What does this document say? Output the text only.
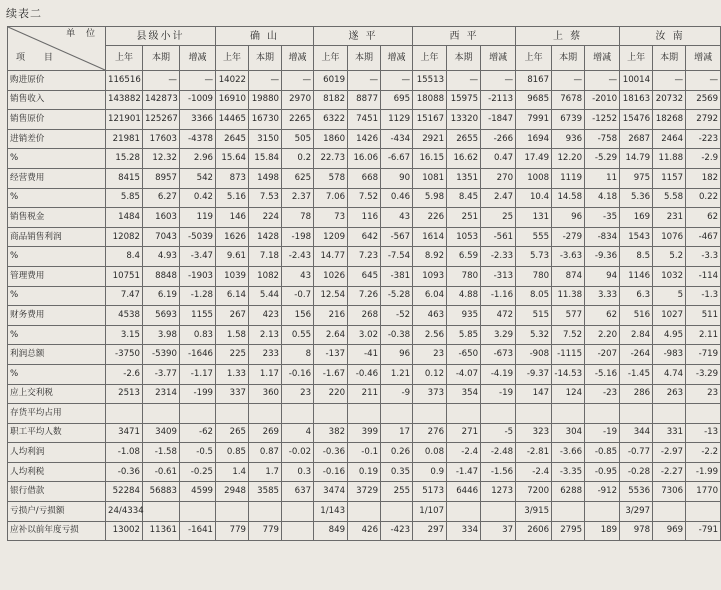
续表二
单 位
项 目	县级小计			确 山			遂 平			西 平			上 蔡			汝 南		
	上年	本期	增减	上年	本期	增减	上年	本期	增减	上年	本期	增减	上年	本期	增减	上年	本期	增减
购进原价	116516	—	—	14022	—	—	6019	—	—	15513	—	—	8167	—	—	10014	—	—
销售收入	143882	142873	-1009	16910	19880	2970	8182	8877	695	18088	15975	-2113	9685	7678	-2010	18163	20732	2569
销售原价	121901	125267	3366	14465	16730	2265	6322	7451	1129	15167	13320	-1847	7991	6739	-1252	15476	18268	2792
进销差价	21981	17603	-4378	2645	3150	505	1860	1426	-434	2921	2655	-266	1694	936	-758	2687	2464	-223
%	15.28	12.32	2.96	15.64	15.84	0.2	22.73	16.06	-6.67	16.15	16.62	0.47	17.49	12.20	-5.29	14.79	11.88	-2.9
经营费用	8415	8957	542	873	1498	625	578	668	90	1081	1351	270	1008	1119	11	975	1157	182
%	5.85	6.27	0.42	5.16	7.53	2.37	7.06	7.52	0.46	5.98	8.45	2.47	10.4	14.58	4.18	5.36	5.58	0.22
销售税金	1484	1603	119	146	224	78	73	116	43	226	251	25	131	96	-35	169	231	62
商品销售利润	12082	7043	-5039	1626	1428	-198	1209	642	-567	1614	1053	-561	555	-279	-834	1543	1076	-467
%	8.4	4.93	-3.47	9.61	7.18	-2.43	14.77	7.23	-7.54	8.92	6.59	-2.33	5.73	-3.63	-9.36	8.5	5.2	-3.3
管理费用	10751	8848	-1903	1039	1082	43	1026	645	-381	1093	780	-313	780	874	94	1146	1032	-114
%	7.47	6.19	-1.28	6.14	5.44	-0.7	12.54	7.26	-5.28	6.04	4.88	-1.16	8.05	11.38	3.33	6.3	5	-1.3
财务费用	4538	5693	1155	267	423	156	216	268	-52	463	935	472	515	577	62	516	1027	511
%	3.15	3.98	0.83	1.58	2.13	0.55	2.64	3.02	-0.38	2.56	5.85	3.29	5.32	7.52	2.20	2.84	4.95	2.11
利润总额	-3750	-5390	-1646	225	233	8	-137	-41	96	23	-650	-673	-908	-1115	-207	-264	-983	-719
%	-2.6	-3.77	-1.17	1.33	1.17	-0.16	-1.67	-0.46	1.21	0.12	-4.07	-4.19	-9.37	-14.53	-5.16	-1.45	4.74	-3.29
应上交利税	2513	2314	-199	337	360	23	220	211	-9	373	354	-19	147	124	-23	286	263	23
存货平均占用																		
职工平均人数	3471	3409	-62	265	269	4	382	399	17	276	271	-5	323	304	-19	344	331	-13
人均利润	-1.08	-1.58	-0.5	0.85	0.87	-0.02	-0.36	-0.1	0.26	0.08	-2.4	-2.48	-2.81	-3.66	-0.85	-0.77	-2.97	-2.2
人均利税	-0.36	-0.61	-0.25	1.4	1.7	0.3	-0.16	0.19	0.35	0.9	-1.47	-1.56	-2.4	-3.35	-0.95	-0.28	-2.27	-1.99
银行借款	52284	56883	4599	2948	3585	637	3474	3729	255	5173	6446	1273	7200	6288	-912	5536	7306	1770
亏损户/亏损额	24/4334						1/143			1/107			3/915			3/297		
应补以前年度亏损	13002	11361	-1641	779	779		849	426	-423	297	334	37	2606	2795	189	978	969	-791
